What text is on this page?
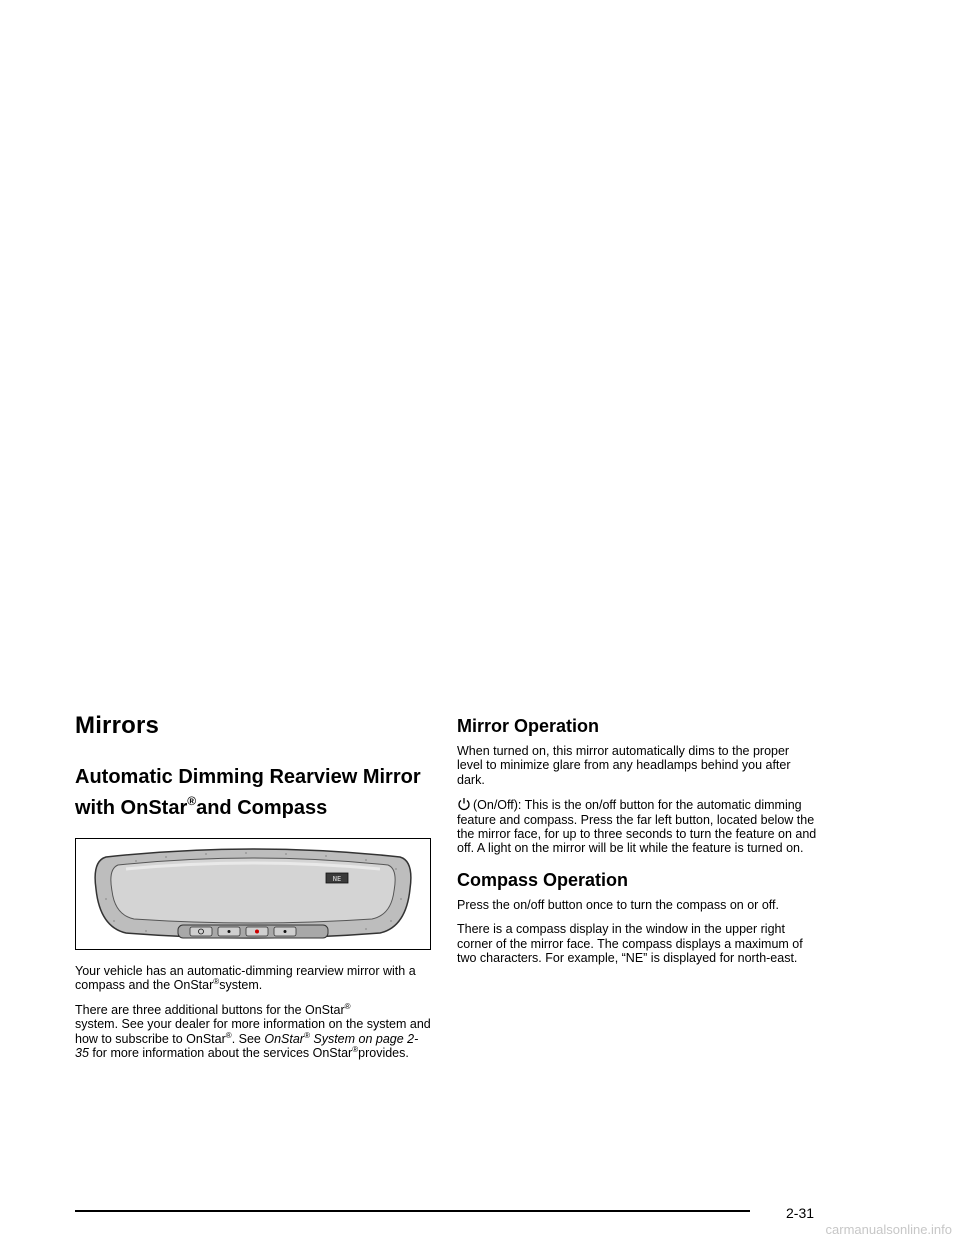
Mirrors
Automatic Dimming Rearview Mirror
with OnStar®and Compass
NE

Your vehicle has an automatic-dimming rearview mirror with a compass and the OnStar®system.

There are three additional buttons for the OnStar®
system. See your dealer for more information on the system and how to subscribe to OnStar®. See OnStar® System on page 2-35 for more information about the services OnStar®provides.

Mirror Operation

When turned on, this mirror automatically dims to the proper level to minimize glare from any headlamps behind you after dark.

(On/Off): This is the on/off button for the automatic dimming feature and compass. Press the far left button, located below the the mirror face, for up to three seconds to turn the feature on and off. A light on the mirror will be lit while the feature is turned on.

Compass Operation

Press the on/off button once to turn the compass on or off.

There is a compass display in the window in the upper right corner of the mirror face. The compass displays a maximum of two characters. For example, “NE” is displayed for north-east.

2-31
carmanualsonline.info
